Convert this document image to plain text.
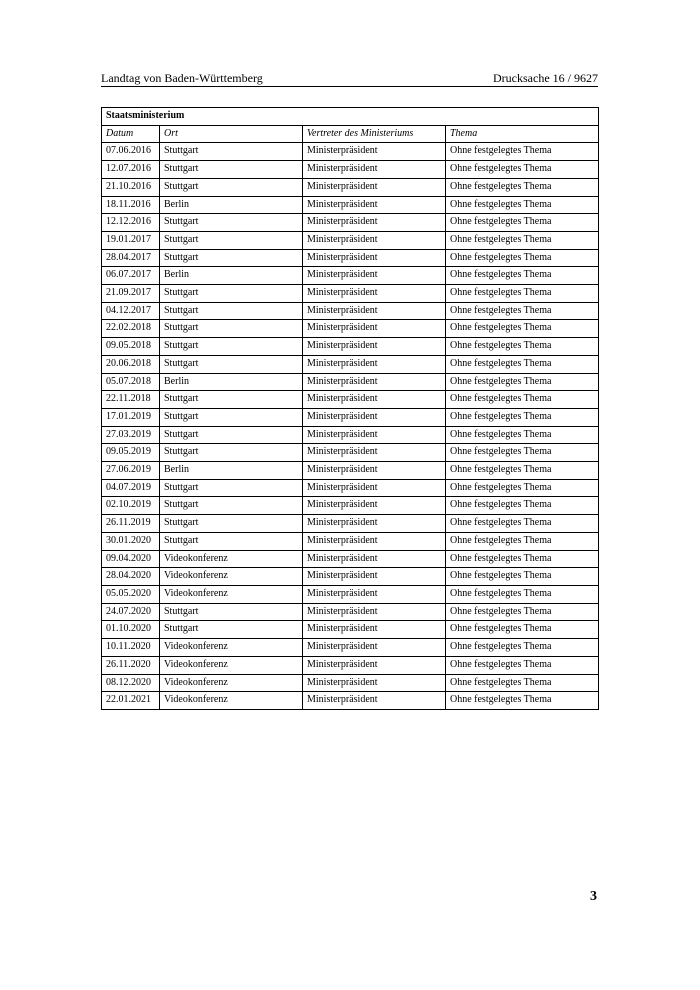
Landtag von Baden-Württemberg	Drucksache 16 / 9627
Staatsministerium			
Datum	Ort	Vertreter des Ministeriums	Thema
07.06.2016	Stuttgart	Ministerpräsident	Ohne festgelegtes Thema
12.07.2016	Stuttgart	Ministerpräsident	Ohne festgelegtes Thema
21.10.2016	Stuttgart	Ministerpräsident	Ohne festgelegtes Thema
18.11.2016	Berlin	Ministerpräsident	Ohne festgelegtes Thema
12.12.2016	Stuttgart	Ministerpräsident	Ohne festgelegtes Thema
19.01.2017	Stuttgart	Ministerpräsident	Ohne festgelegtes Thema
28.04.2017	Stuttgart	Ministerpräsident	Ohne festgelegtes Thema
06.07.2017	Berlin	Ministerpräsident	Ohne festgelegtes Thema
21.09.2017	Stuttgart	Ministerpräsident	Ohne festgelegtes Thema
04.12.2017	Stuttgart	Ministerpräsident	Ohne festgelegtes Thema
22.02.2018	Stuttgart	Ministerpräsident	Ohne festgelegtes Thema
09.05.2018	Stuttgart	Ministerpräsident	Ohne festgelegtes Thema
20.06.2018	Stuttgart	Ministerpräsident	Ohne festgelegtes Thema
05.07.2018	Berlin	Ministerpräsident	Ohne festgelegtes Thema
22.11.2018	Stuttgart	Ministerpräsident	Ohne festgelegtes Thema
17.01.2019	Stuttgart	Ministerpräsident	Ohne festgelegtes Thema
27.03.2019	Stuttgart	Ministerpräsident	Ohne festgelegtes Thema
09.05.2019	Stuttgart	Ministerpräsident	Ohne festgelegtes Thema
27.06.2019	Berlin	Ministerpräsident	Ohne festgelegtes Thema
04.07.2019	Stuttgart	Ministerpräsident	Ohne festgelegtes Thema
02.10.2019	Stuttgart	Ministerpräsident	Ohne festgelegtes Thema
26.11.2019	Stuttgart	Ministerpräsident	Ohne festgelegtes Thema
30.01.2020	Stuttgart	Ministerpräsident	Ohne festgelegtes Thema
09.04.2020	Videokonferenz	Ministerpräsident	Ohne festgelegtes Thema
28.04.2020	Videokonferenz	Ministerpräsident	Ohne festgelegtes Thema
05.05.2020	Videokonferenz	Ministerpräsident	Ohne festgelegtes Thema
24.07.2020	Stuttgart	Ministerpräsident	Ohne festgelegtes Thema
01.10.2020	Stuttgart	Ministerpräsident	Ohne festgelegtes Thema
10.11.2020	Videokonferenz	Ministerpräsident	Ohne festgelegtes Thema
26.11.2020	Videokonferenz	Ministerpräsident	Ohne festgelegtes Thema
08.12.2020	Videokonferenz	Ministerpräsident	Ohne festgelegtes Thema
22.01.2021	Videokonferenz	Ministerpräsident	Ohne festgelegtes Thema
3
